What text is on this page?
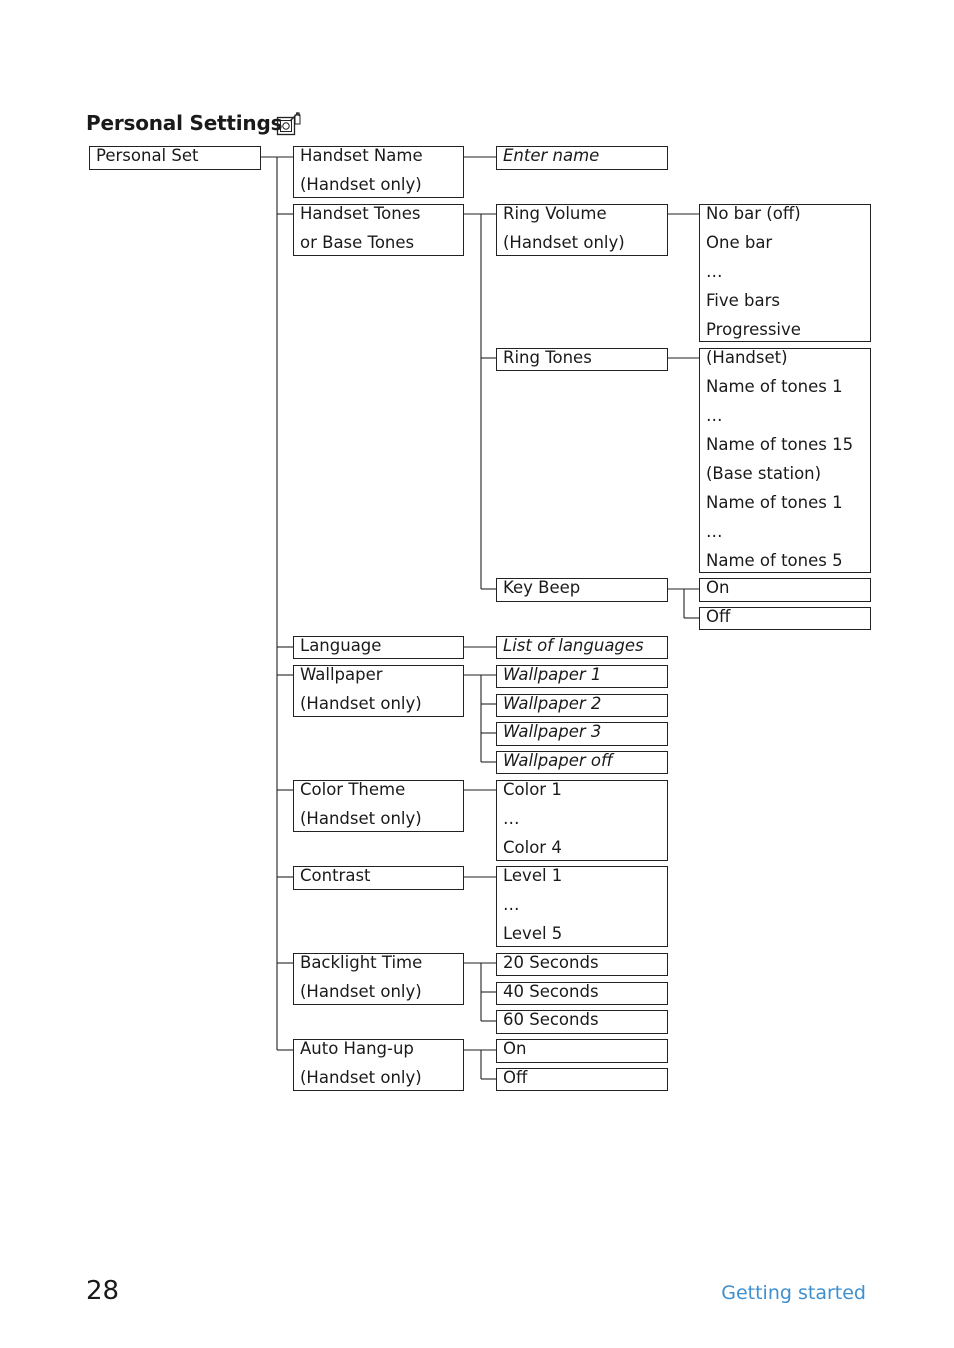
Personal Settings
Personal Set	Handset Name
(Handset only)
Handset Tones
or Base Tones
Language
Wallpaper
(Handset only)
Color Theme
(Handset only)
Contrast
Backlight Time
(Handset only)
Auto Hang-up
(Handset only)
Enter name
Ring Volume
(Handset only)
Ring Tones
Key Beep
List of languages
Wallpaper 1
Wallpaper 2
Wallpaper 3
Wallpaper off
Color 1
…
Color 4
Level 1
…
Level 5
20 Seconds
40 Seconds
60 Seconds
On
Off
No bar (off)
One bar
…
Five bars
Progressive
(Handset)
Name of tones 1
…
Name of tones 15
(Base station)
Name of tones 1
…
Name of tones 5
On
Off
28	Getting started
